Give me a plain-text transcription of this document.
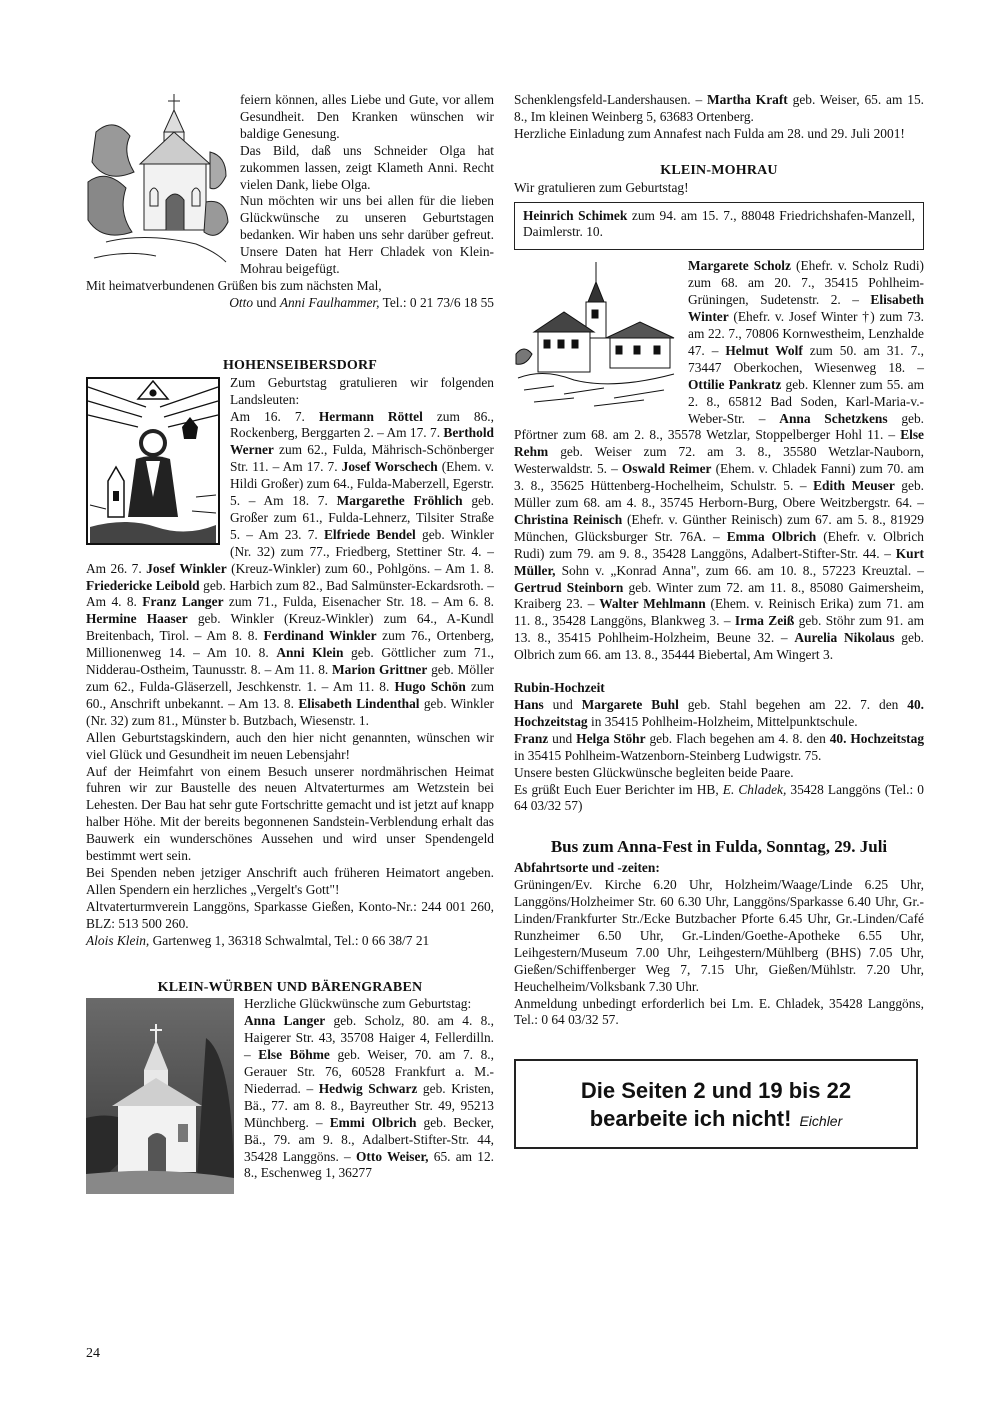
feiern können, alles Liebe und Gute, vor allem Gesundheit. Den Kranken wünschen wir baldige Genesung.

Das Bild, daß uns Schneider Olga hat zukommen lassen, zeigt Klameth Anni. Recht vielen Dank, liebe Olga.

Nun möchten wir uns bei allen für die lieben Glückwünsche zu unseren Geburtstagen bedanken. Wir haben uns sehr darüber gefreut. Unsere Daten hat Herr Chladek von Klein-Mohrau beigefügt.

Mit heimatverbundenen Grüßen bis zum nächsten Mal,

Otto und Anni Faulhammer, Tel.: 0 21 73/6 18 55

HOHENSEIBERSDORF

Zum Geburtstag gratulieren wir folgenden Landsleuten:

Am 16. 7. Hermann Röttel zum 86., Rockenberg, Berggarten 2. – Am 17. 7. Berthold Werner zum 62., Fulda, Mährisch-Schönberger Str. 11. – Am 17. 7. Josef Worschech (Ehem. v. Hildi Großer) zum 64., Fulda-Maberzell, Egerstr. 5. – Am 18. 7. Margarethe Fröhlich geb. Großer zum 61., Fulda-Lehnerz, Tilsiter Straße 5. – Am 23. 7. Elfriede Bendel geb. Winkler (Nr. 32) zum 77., Friedberg, Stettiner Str. 4. – Am 26. 7. Josef Winkler (Kreuz-Winkler) zum 60., Pohlgöns. – Am 1. 8. Friedericke Leibold geb. Harbich zum 82., Bad Salmünster-Eckardsroth. – Am 4. 8. Franz Langer zum 71., Fulda, Eisenacher Str. 18. – Am 6. 8. Hermine Haaser geb. Winkler (Kreuz-Winkler) zum 64., A-Kundl Breitenbach, Tirol. – Am 8. 8. Ferdinand Winkler zum 76., Ortenberg, Millionenweg 14. – Am 10. 8. Anni Klein geb. Göttlicher zum 71., Nidderau-Ostheim, Taunusstr. 8. – Am 11. 8. Marion Grittner geb. Möller zum 62., Fulda-Gläserzell, Jeschkenstr. 1. – Am 11. 8. Hugo Schön zum 60., Anschrift unbekannt. – Am 13. 8. Elisabeth Lindenthal geb. Winkler (Nr. 32) zum 81., Münster b. Butzbach, Wiesenstr. 1.

Allen Geburtstagskindern, auch den hier nicht genannten, wünschen wir viel Glück und Gesundheit im neuen Lebensjahr!

Auf der Heimfahrt von einem Besuch unserer nordmährischen Heimat fuhren wir zur Baustelle des neuen Altvaterturmes am Wetzstein bei Lehesten. Der Bau hat sehr gute Fortschritte gemacht und ist jetzt auf knapp halber Höhe. Mit der bereits begonnenen Sandstein-Verblendung erhalt das Bauwerk ein wunderschönes Aussehen und wird unser Spendengeld bestimmt wert sein.

Bei Spenden neben jetziger Anschrift auch früheren Heimatort angeben. Allen Spendern ein herzliches „Vergelt's Gott"!

Altvaterturmverein Langgöns, Sparkasse Gießen, Konto-Nr.: 244 001 260, BLZ: 513 500 260.

Alois Klein, Gartenweg 1, 36318 Schwalmtal, Tel.: 0 66 38/7 21

KLEIN-WÜRBEN UND BÄRENGRABEN

Herzliche Glückwünsche zum Geburtstag:

Anna Langer geb. Scholz, 80. am 4. 8., Haigerer Str. 43, 35708 Haiger 4, Fellerdilln. – Else Böhme geb. Weiser, 70. am 7. 8., Gerauer Str. 76, 60528 Frankfurt a. M.-Niederrad. – Hedwig Schwarz geb. Kristen, Bä., 77. am 8. 8., Bayreuther Str. 49, 95213 Münchberg. – Emmi Olbrich geb. Becker, Bä., 79. am 9. 8., Adalbert-Stifter-Str. 44, 35428 Langgöns. – Otto Weiser, 65. am 12. 8., Eschenweg 1, 36277

Schenklengsfeld-Landershausen. – Martha Kraft geb. Weiser, 65. am 15. 8., Im kleinen Weinberg 5, 63683 Ortenberg.

Herzliche Einladung zum Annafest nach Fulda am 28. und 29. Juli 2001!

KLEIN-MOHRAU

Wir gratulieren zum Geburtstag!

Heinrich Schimek zum 94. am 15. 7., 88048 Friedrichshafen-Manzell, Daimlerstr. 10.

Margarete Scholz (Ehefr. v. Scholz Rudi) zum 68. am 20. 7., 35415 Pohlheim-Grüningen, Sudetenstr. 2. – Elisabeth Winter (Ehefr. v. Josef Winter †) zum 73. am 22. 7., 70806 Kornwestheim, Lenzhalde 47. – Helmut Wolf zum 50. am 31. 7., 73447 Oberkochen, Wiesenweg 18. – Ottilie Pankratz geb. Klenner zum 55. am 2. 8., 65812 Bad Soden, Karl-Maria-v.-Weber-Str. – Anna Schetzkens geb. Pförtner zum 68. am 2. 8., 35578 Wetzlar, Stoppelberger Hohl 11. – Else Rehm geb. Weiser zum 72. am 3. 8., 35580 Wetzlar-Nauborn, Westerwaldstr. 5. – Oswald Reimer (Ehem. v. Chladek Fanni) zum 70. am 3. 8., 35625 Hüttenberg-Hochelheim, Schulstr. 5. – Edith Meuser geb. Müller zum 68. am 4. 8., 35745 Herborn-Burg, Obere Weitzbergstr. 64. – Christina Reinisch (Ehefr. v. Günther Reinisch) zum 67. am 5. 8., 81929 München, Glücksburger Str. 76A. – Emma Olbrich (Ehefr. v. Olbrich Rudi) zum 79. am 9. 8., 35428 Langgöns, Adalbert-Stifter-Str. 44. – Kurt Müller, Sohn v. „Konrad Anna", zum 66. am 10. 8., 57223 Kreuztal. – Gertrud Steinborn geb. Winter zum 72. am 11. 8., 85080 Gaimersheim, Kraiberg 23. – Walter Mehlmann (Ehem. v. Reinisch Erika) zum 71. am 11. 8., 35428 Langgöns, Blankweg 3. – Irma Zeiß geb. Stöhr zum 91. am 13. 8., 35415 Pohlheim-Holzheim, Beune 32. – Aurelia Nikolaus geb. Olbrich zum 66. am 13. 8., 35444 Biebertal, Am Wingert 3.

Rubin-Hochzeit

Hans und Margarete Buhl geb. Stahl begehen am 22. 7. den 40. Hochzeitstag in 35415 Pohlheim-Holzheim, Mittelpunktschule.

Franz und Helga Stöhr geb. Flach begehen am 4. 8. den 40. Hochzeitstag in 35415 Pohlheim-Watzenborn-Steinberg Ludwigstr. 75.

Unsere besten Glückwünsche begleiten beide Paare.

Es grüßt Euch Euer Berichter im HB, E. Chladek, 35428 Langgöns (Tel.: 0 64 03/32 57)

Bus zum Anna-Fest in Fulda, Sonntag, 29. Juli

Abfahrtsorte und -zeiten:

Grüningen/Ev. Kirche 6.20 Uhr, Holzheim/Waage/Linde 6.25 Uhr, Langgöns/Holzheimer Str. 60 6.30 Uhr, Langgöns/Sparkasse 6.40 Uhr, Gr.-Linden/Frankfurter Str./Ecke Butzbacher Pforte 6.45 Uhr, Gr.-Linden/Café Runzheimer 6.50 Uhr, Gr.-Linden/Goethe-Apotheke 6.55 Uhr, Leihgestern/Museum 7.00 Uhr, Leihgestern/Mühlberg (BHS) 7.05 Uhr, Gießen/Schiffenberger Weg 7, 7.15 Uhr, Gießen/Mühlstr. 7.20 Uhr, Heuchelheim/Volksbank 7.30 Uhr.

Anmeldung unbedingt erforderlich bei Lm. E. Chladek, 35428 Langgöns, Tel.: 0 64 03/32 57.

Die Seiten 2 und 19 bis 22
bearbeite ich nicht! Eichler
24
